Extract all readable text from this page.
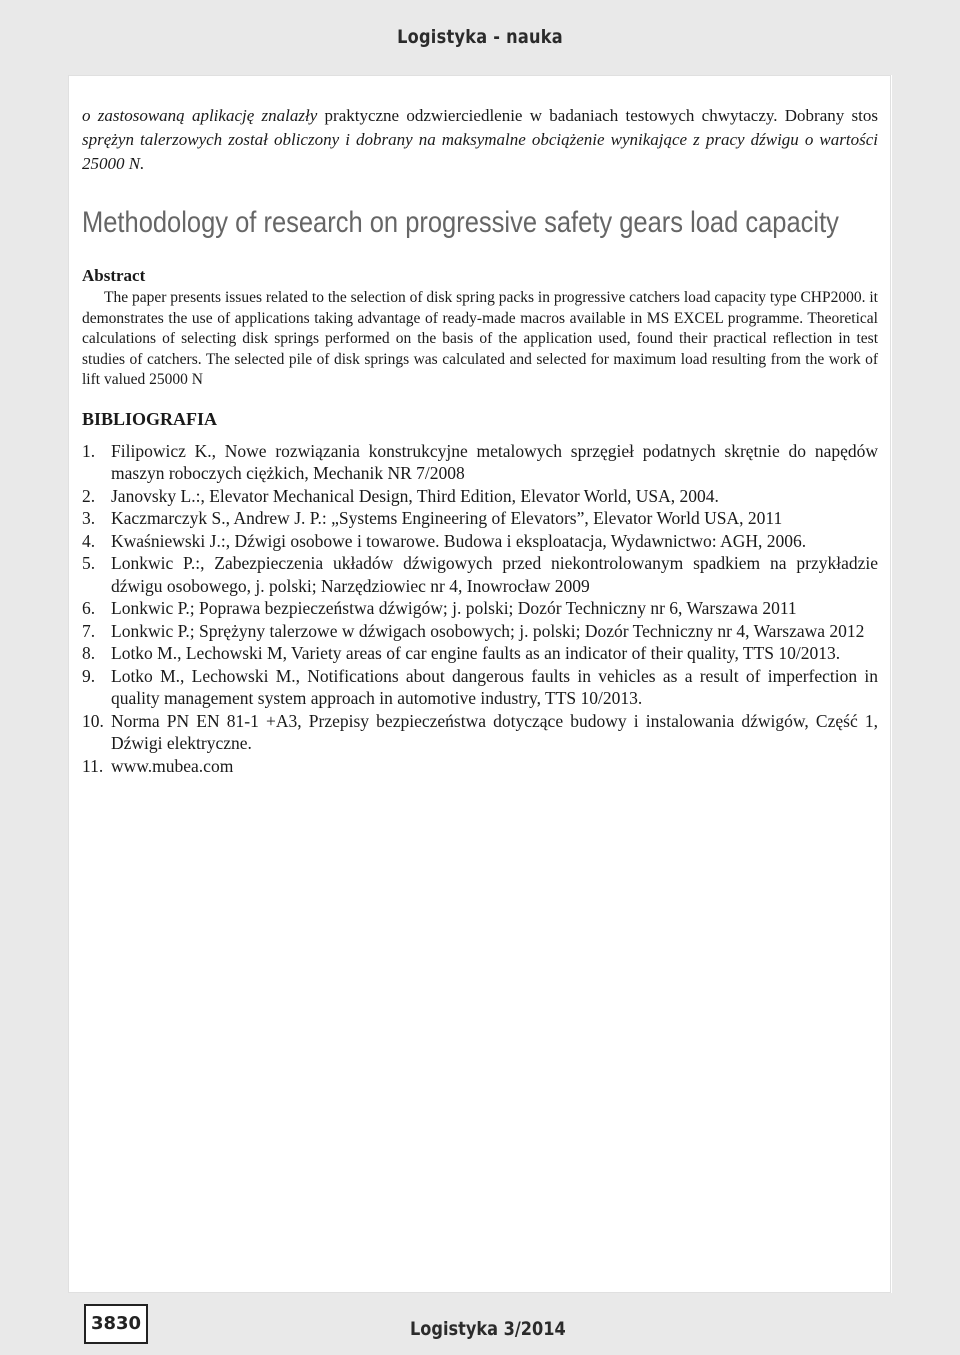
Logistyka - nauka

o zastosowaną aplikację znalazły praktyczne odzwierciedlenie w badaniach testowych chwytaczy. Dobrany stos sprężyn talerzowych został obliczony i dobrany na maksymalne obciążenie wynikające z pracy dźwigu o wartości 25000 N.

Methodology of research on progressive safety gears load capacity
Abstract

The paper presents issues related to the selection of disk spring packs in progressive catchers load capacity type CHP2000. it demonstrates the use of applications taking advantage of ready-made macros available in MS EXCEL programme. Theoretical calculations of selecting disk springs performed on the basis of the application used, found their practical reflection in test studies of catchers. The selected pile of disk springs was calculated and selected for maximum load resulting from the work of lift valued 25000 N

BIBLIOGRAFIA
1. Filipowicz K., Nowe rozwiązania konstrukcyjne metalowych sprzęgieł podatnych skrętnie do napędów maszyn roboczych ciężkich, Mechanik NR 7/2008
2. Janovsky L.:, Elevator Mechanical Design, Third Edition, Elevator World, USA, 2004.
3. Kaczmarczyk S., Andrew J. P.: „Systems Engineering of Elevators”, Elevator World USA, 2011
4. Kwaśniewski J.:, Dźwigi osobowe i towarowe. Budowa i eksploatacja, Wydawnictwo: AGH, 2006.
5. Lonkwic P.:, Zabezpieczenia układów dźwigowych przed niekontrolowanym spadkiem na przykładzie dźwigu osobowego, j. polski; Narzędziowiec nr 4, Inowrocław 2009
6. Lonkwic P.; Poprawa bezpieczeństwa dźwigów; j. polski; Dozór Techniczny nr 6, Warszawa 2011
7. Lonkwic P.; Sprężyny talerzowe w dźwigach osobowych; j. polski; Dozór Techniczny nr 4, Warszawa 2012
8. Lotko M., Lechowski M, Variety areas of car engine faults as an indicator of their quality, TTS 10/2013.
9. Lotko M., Lechowski M., Notifications about dangerous faults in vehicles as a result of imperfection in quality management system approach in automotive industry, TTS 10/2013.
10. Norma PN EN 81-1 +A3, Przepisy bezpieczeństwa dotyczące budowy i instalowania dźwigów, Część 1, Dźwigi elektryczne.
11. www.mubea.com
3830	Logistyka 3/2014
